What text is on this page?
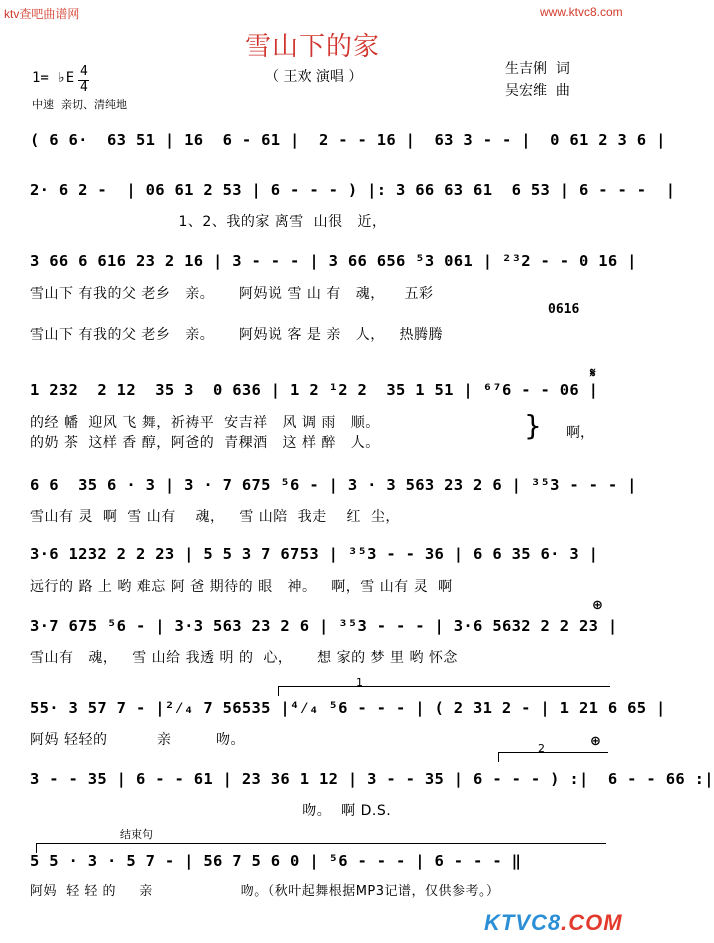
ktv查吧曲谱网	www.ktvc8.com
雪山下的家
（ 王欢 演唱 ）
1= ♭E 4
4
中速  亲切、清纯地
生吉俐  词
吴宏维  曲
( 6 6·  63 51 | 16  6 - 61 |  2 - - 16 |  63 3 - - |  0 61 2 3 6 |
2· 6 2 -  | 06 61 2 53 | 6 - - - ) |: 3 66 63 61  6 53 | 6 - - -  |
1、2、我的家 离雪  山很   近，
3 66 6 616 23 2 16 | 3 - - - | 3 66 656 ⁵3 061 | ²³2 - - 0 16 |
雪山下 有我的父 老乡   亲。     阿妈说 雪 山 有   魂，    五彩
0616
雪山下 有我的父 老乡   亲。     阿妈说 客 是 亲   人，   热腾腾
1 232  2 12  35 3  0 636 | 1 2 ¹2 2  35 1 51 | ⁶⁷6 - - 06 |
𝄋
的经 幡  迎风 飞 舞，祈祷平  安吉祥   风 调 雨   顺。
的奶 茶  这样 香 醇，阿爸的  青稞酒   这 样 醉   人。
} 啊，
6 6  35 6 · 3 | 3 · 7 675 ⁵6 - | 3 · 3 563 23 2 6 | ³⁵3 - - - |
雪山有 灵  啊  雪 山有    魂，   雪 山陪  我走    红  尘，
3·6 1232 2 2 23 | 5 5 3 7 6753 | ³⁵3 - - 36 | 6 6 35 6· 3 |
远行的 路 上 哟 难忘 阿 爸 期待的 眼   神。   啊，雪 山有 灵  啊
⊕
3·7 675 ⁵6 - | 3·3 563 23 2 6 | ³⁵3 - - - | 3·6 5632 2 2 23 |
雪山有   魂，   雪 山给 我透 明 的  心，     想 家的 梦 里 哟 怀念
1
55· 3 57 7 - |²⁄₄ 7 56535 |⁴⁄₄ ⁵6 - - - | ( 2 31 2 - | 1 21 6 65 |
阿妈 轻轻的          亲         吻。
2	⊕
3 - - 35 | 6 - - 61 | 23 36 1 12 | 3 - - 35 | 6 - - - ) :|  6 - - 66 :|
吻。  啊 D.S.
结束句
5 5 · 3 · 5 7 - | 56 7 5 6 0 | ⁵6 - - - | 6 - - - ‖
阿妈  轻 轻 的     亲                   吻。（秋叶起舞根据MP3记谱，仅供参考。）
KTVC8.COM
